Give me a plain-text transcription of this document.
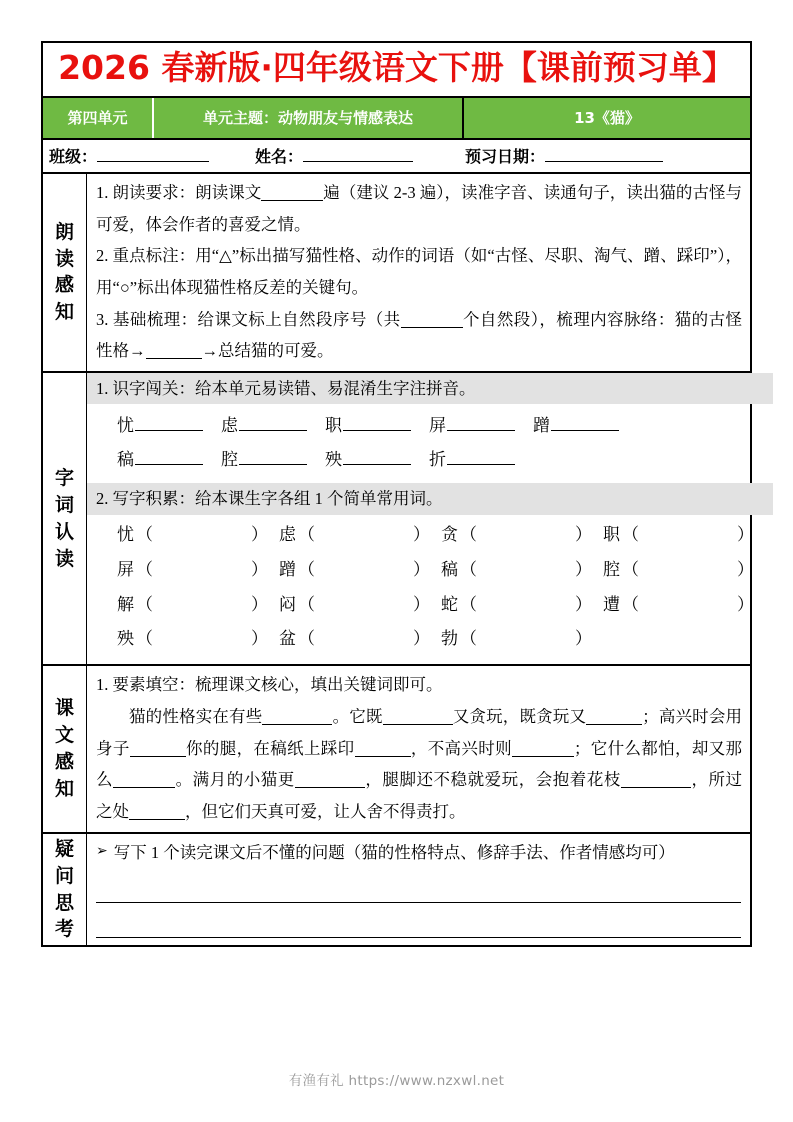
2026 春新版·四年级语文下册【课前预习单】
第四单元	单元主题：动物朋友与情感表达	13《猫》
班级：	姓名：	预习日期：
朗
读
感
知
1. 朗读要求：朗读课文	遍（建议 2-3 遍），读准字音、读通句子，读出猫的古怪与可爱，体会作者的喜爱之情。
2. 重点标注：用“△”标出描写猫性格、动作的词语（如“古怪、尽职、淘气、蹭、踩印”），用“○”标出体现猫性格反差的关键句。
3. 基础梳理：给课文标上自然段序号（共	个自然段），梳理内容脉络：猫的古怪性格→	→总结猫的可爱。
字
词
认
读
1. 识字闯关：给本单元易读错、易混淆生字注拼音。
忧	虑	职	屏	蹭
稿	腔	殃	折
2. 写字积累：给本课生字各组 1 个简单常用词。
忧 （	） 虑 （	） 贪 （	） 职 （	）
屏 （	） 蹭 （	） 稿 （	） 腔 （	）
解 （	） 闷 （	） 蛇 （	） 遭 （	）
殃 （	） 盆 （	） 勃 （	）
课
文
感
知
1. 要素填空：梳理课文核心，填出关键词即可。
猫的性格实在有些	。它既	又贪玩，既贪玩又	；高兴时会用身子	你的腿，在稿纸上踩印	，不高兴时则	；它什么都怕，却又那么	。满月的小猫更	，腿脚还不稳就爱玩，会抱着花枝	，所过之处	，但它们天真可爱，让人舍不得责打。
疑
问
思
考
➢ 写下 1 个读完课文后不懂的问题（猫的性格特点、修辞手法、作者情感均可）
有渔有礼 https://www.nzxwl.net
